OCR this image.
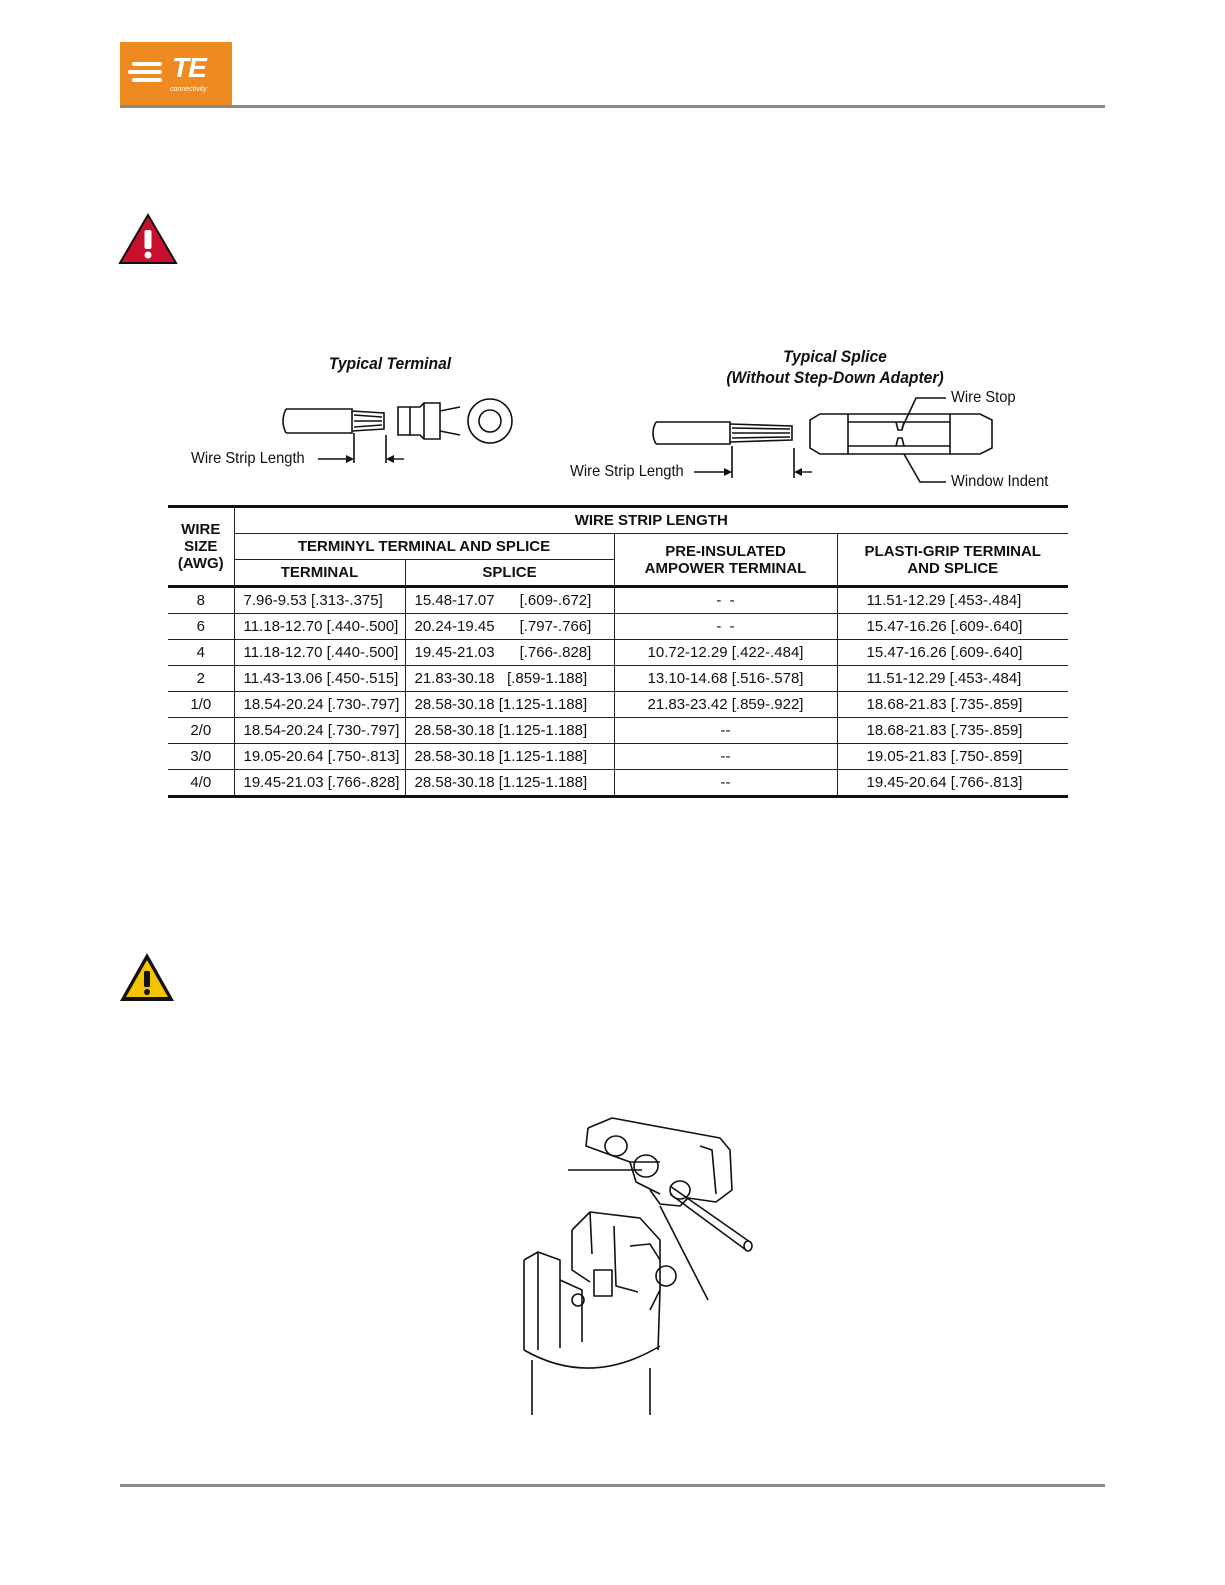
TE
connectivity
Typical Terminal
Wire Strip Length
Typical Splice
(Without Step-Down Adapter)
Wire Stop
Window Indent
Wire Strip Length
WIRE
SIZE
(AWG)	WIRE STRIP LENGTH			
	TERMINYL TERMINAL AND SPLICE		PRE-INSULATED
AMPOWER TERMINAL	PLASTI-GRIP TERMINAL
AND SPLICE
	TERMINAL	SPLICE		
8	7.96-9.53 [.313-.375]	15.48-17.07      [.609-.672]	-  -	11.51-12.29 [.453-.484]
6	11.18-12.70 [.440-.500]	20.24-19.45      [.797-.766]	-  -	15.47-16.26 [.609-.640]
4	11.18-12.70 [.440-.500]	19.45-21.03      [.766-.828]	10.72-12.29 [.422-.484]	15.47-16.26 [.609-.640]
2	11.43-13.06 [.450-.515]	21.83-30.18   [.859-1.188]	13.10-14.68 [.516-.578]	11.51-12.29 [.453-.484]
1/0	18.54-20.24 [.730-.797]	28.58-30.18 [1.125-1.188]	21.83-23.42 [.859-.922]	18.68-21.83 [.735-.859]
2/0	18.54-20.24 [.730-.797]	28.58-30.18 [1.125-1.188]	--	18.68-21.83 [.735-.859]
3/0	19.05-20.64 [.750-.813]	28.58-30.18 [1.125-1.188]	--	19.05-21.83 [.750-.859]
4/0	19.45-21.03 [.766-.828]	28.58-30.18 [1.125-1.188]	--	19.45-20.64 [.766-.813]
